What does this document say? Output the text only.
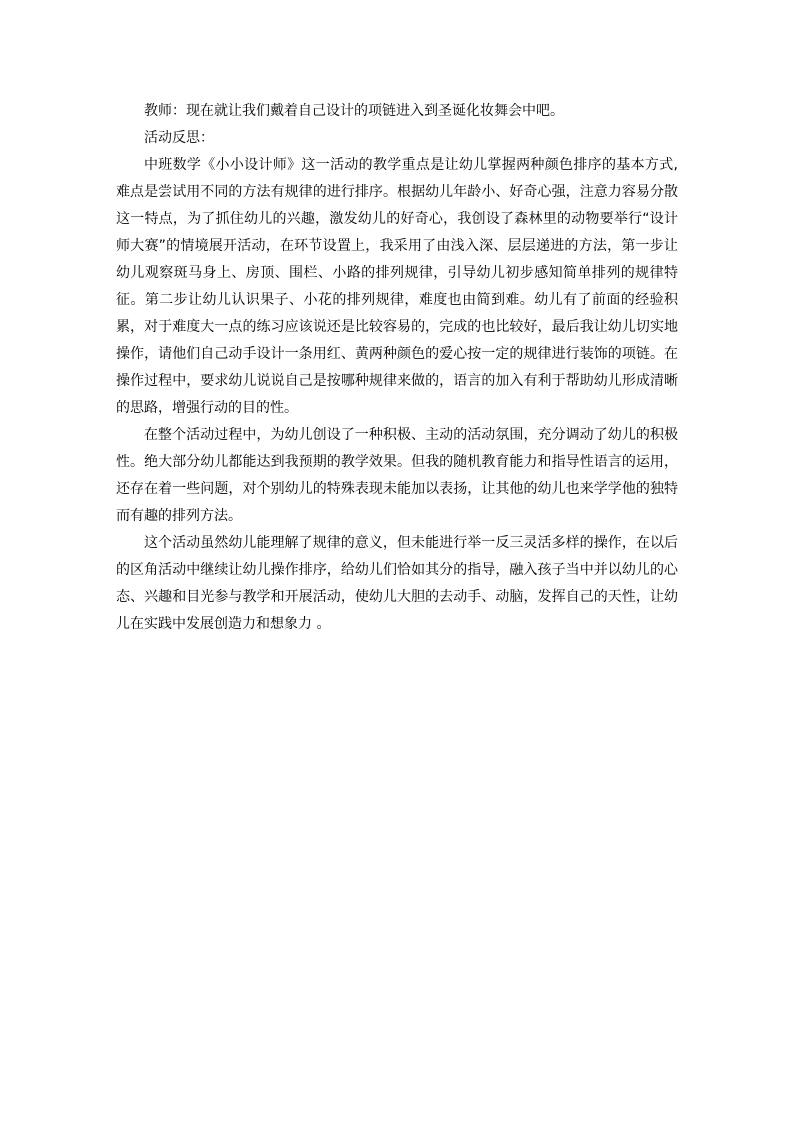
教师：现在就让我们戴着自己设计的项链进入到圣诞化妆舞会中吧。

活动反思：

中班数学《小小设计师》这一活动的教学重点是让幼儿掌握两种颜色排序的基本方式,难点是尝试用不同的方法有规律的进行排序。根据幼儿年龄小、好奇心强，注意力容易分散这一特点，为了抓住幼儿的兴趣，激发幼儿的好奇心，我创设了森林里的动物要举行“设计师大赛”的情境展开活动，在环节设置上，我采用了由浅入深、层层递进的方法，第一步让幼儿观察斑马身上、房顶、围栏、小路的排列规律，引导幼儿初步感知简单排列的规律特征。第二步让幼儿认识果子、小花的排列规律，难度也由简到难。幼儿有了前面的经验积累，对于难度大一点的练习应该说还是比较容易的，完成的也比较好，最后我让幼儿切实地操作，请他们自己动手设计一条用红、黄两种颜色的爱心按一定的规律进行装饰的项链。在操作过程中，要求幼儿说说自己是按哪种规律来做的，语言的加入有利于帮助幼儿形成清晰的思路，增强行动的目的性。

在整个活动过程中，为幼儿创设了一种积极、主动的活动氛围，充分调动了幼儿的积极性。绝大部分幼儿都能达到我预期的教学效果。但我的随机教育能力和指导性语言的运用，还存在着一些问题，对个别幼儿的特殊表现未能加以表扬，让其他的幼儿也来学学他的独特而有趣的排列方法。

这个活动虽然幼儿能理解了规律的意义，但未能进行举一反三灵活多样的操作，在以后的区角活动中继续让幼儿操作排序，给幼儿们恰如其分的指导，融入孩子当中并以幼儿的心态、兴趣和目光参与教学和开展活动，使幼儿大胆的去动手、动脑，发挥自己的天性，让幼儿在实践中发展创造力和想象力 。
